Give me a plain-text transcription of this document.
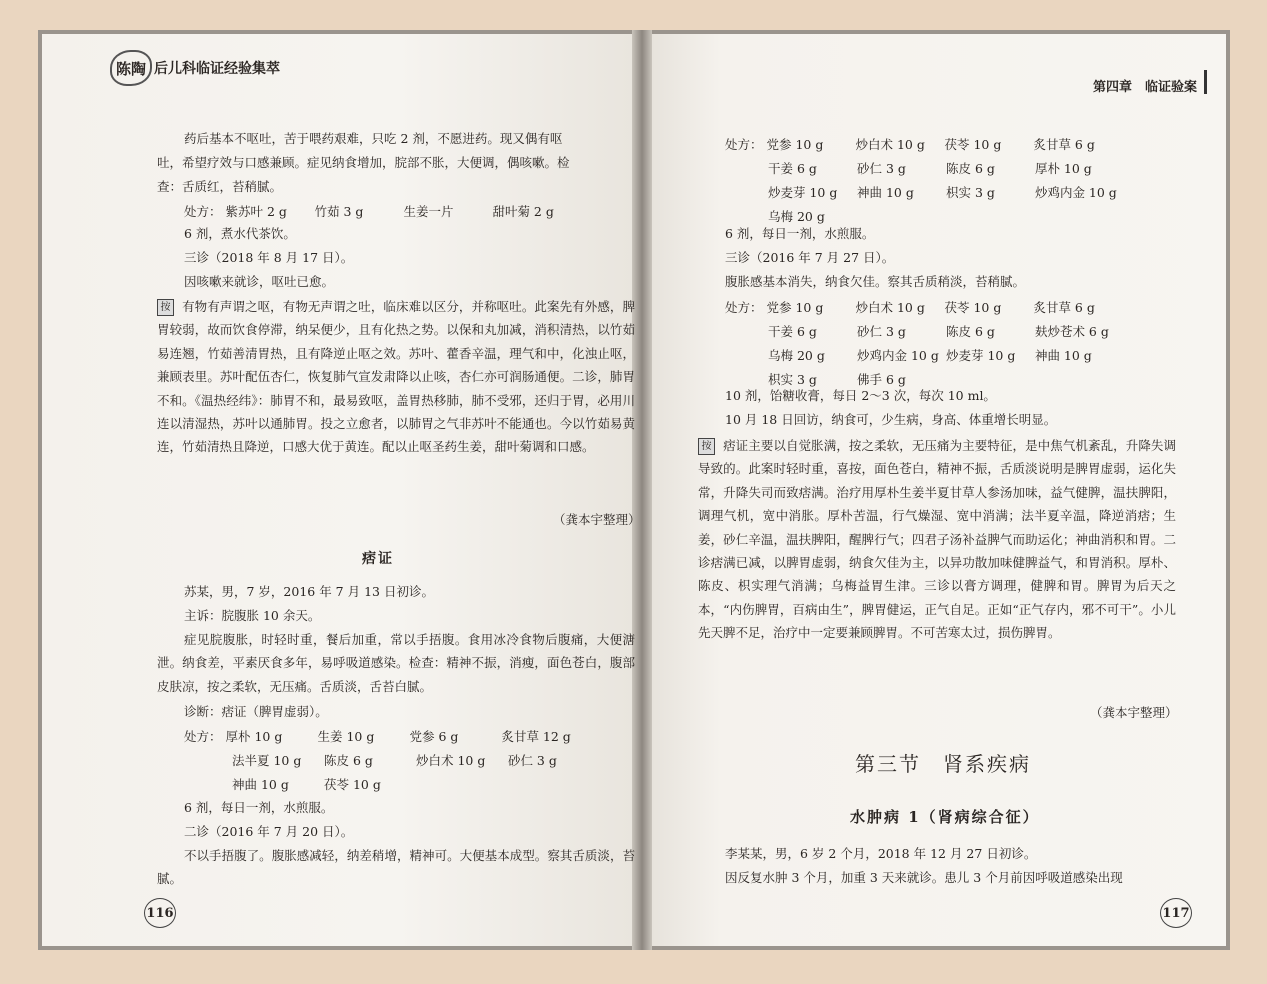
陈陶 后儿科临证经验集萃
药后基本不呕吐，苦于喂药艰难，只吃 2 剂，不愿进药。现又偶有呕
吐，希望疗效与口感兼顾。症见纳食增加，脘部不胀，大便调，偶咳嗽。检
查：舌质红，苔稍腻。
处方： 紫苏叶 2 g 竹茹 3 g	生姜一片	甜叶菊 2 g
6 剂，煮水代茶饮。
三诊（2018 年 8 月 17 日）。
因咳嗽来就诊，呕吐已愈。
按 有物有声谓之呕，有物无声谓之吐，临床难以区分，并称呕吐。此案先有外感，脾胃较弱，故而饮食停滞，纳呆便少，且有化热之势。以保和丸加减，消积清热，以竹茹易连翘，竹茹善清胃热，且有降逆止呕之效。苏叶、藿香辛温，理气和中，化浊止呕，兼顾表里。苏叶配伍杏仁，恢复肺气宣发肃降以止咳，杏仁亦可润肠通便。二诊，肺胃不和。《温热经纬》：肺胃不和，最易致呕，盖胃热移肺，肺不受邪，还归于胃，必用川连以清湿热，苏叶以通肺胃。投之立愈者，以肺胃之气非苏叶不能通也。今以竹茹易黄连，竹茹清热且降逆，口感大优于黄连。配以止呕圣药生姜，甜叶菊调和口感。
（龚本宇整理）
痞证
苏某，男，7 岁，2016 年 7 月 13 日初诊。
主诉：脘腹胀 10 余天。
症见脘腹胀，时轻时重，餐后加重，常以手捂腹。食用冰冷食物后腹痛，大便溏泄。纳食差，平素厌食多年，易呼吸道感染。检查：精神不振，消瘦，面色苍白，腹部皮肤凉，按之柔软，无压痛。舌质淡，舌苔白腻。
诊断：痞证（脾胃虚弱）。
处方： 厚朴 10 g	生姜 10 g	党参 6 g	炙甘草 12 g
法半夏 10 g 陈皮 6 g	炒白术 10 g 砂仁 3 g
神曲 10 g	茯苓 10 g
6 剂，每日一剂，水煎服。
二诊（2016 年 7 月 20 日）。
不以手捂腹了。腹胀感减轻，纳差稍增，精神可。大便基本成型。察其舌质淡，苔腻。
116
第四章　临证验案
处方： 党参 10 g	炒白术 10 g 茯苓 10 g	炙甘草 6 g
干姜 6 g	砂仁 3 g	陈皮 6 g	厚朴 10 g
炒麦芽 10 g 神曲 10 g	枳实 3 g	炒鸡内金 10 g
乌梅 20 g
6 剂，每日一剂，水煎服。
三诊（2016 年 7 月 27 日）。
腹胀感基本消失，纳食欠佳。察其舌质稍淡，苔稍腻。
处方： 党参 10 g	炒白术 10 g 茯苓 10 g	炙甘草 6 g
干姜 6 g	砂仁 3 g	陈皮 6 g	麸炒苍术 6 g
乌梅 20 g	炒鸡内金 10 g 炒麦芽 10 g 神曲 10 g
枳实 3 g	佛手 6 g
10 剂，饴糖收膏，每日 2～3 次，每次 10 ml。
10 月 18 日回访，纳食可，少生病，身高、体重增长明显。
按 痞证主要以自觉胀满，按之柔软，无压痛为主要特征，是中焦气机紊乱，升降失调导致的。此案时轻时重，喜按，面色苍白，精神不振，舌质淡说明是脾胃虚弱，运化失常，升降失司而致痞满。治疗用厚朴生姜半夏甘草人参汤加味，益气健脾，温扶脾阳，调理气机，宽中消胀。厚朴苦温，行气燥湿、宽中消满；法半夏辛温，降逆消痞；生姜，砂仁辛温，温扶脾阳，醒脾行气；四君子汤补益脾气而助运化；神曲消积和胃。二诊痞满已减，以脾胃虚弱，纳食欠佳为主，以异功散加味健脾益气，和胃消积。厚朴、陈皮、枳实理气消满；乌梅益胃生津。三诊以膏方调理，健脾和胃。脾胃为后天之本，“内伤脾胃，百病由生”，脾胃健运，正气自足。正如“正气存内，邪不可干”。小儿先天脾不足，治疗中一定要兼顾脾胃。不可苦寒太过，损伤脾胃。
（龚本宇整理）
第三节　肾系疾病
水肿病 1（肾病综合征）
李某某，男，6 岁 2 个月，2018 年 12 月 27 日初诊。
因反复水肿 3 个月，加重 3 天来就诊。患儿 3 个月前因呼吸道感染出现
117
